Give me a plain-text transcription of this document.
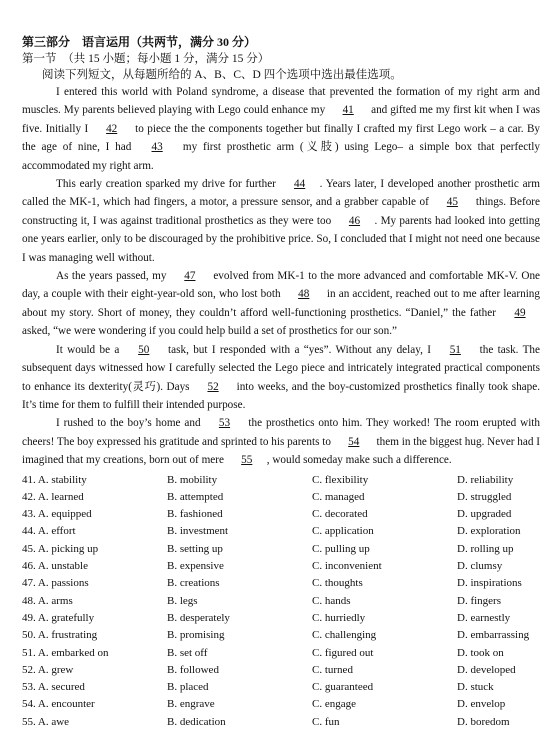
第三部分　语言运用（共两节，满分 30 分）
第一节　（共 15 小题；每小题 1 分，满分 15 分）
阅读下列短文，从每题所给的 A、B、C、D 四个选项中选出最佳选项。

I entered this world with Poland syndrome, a disease that prevented the formation of my right arm and muscles. My parents believed playing with Lego could enhance my 41 and gifted me my first kit when I was five. Initially I 42 to piece the the components together but finally I crafted my first Lego work – a car. By the age of nine, I had 43 my first prosthetic arm (义肢) using Lego– a simple box that perfectly accommodated my right arm.

This early creation sparked my drive for further 44 . Years later, I developed another prosthetic arm called the MK-1, which had fingers, a motor, a pressure sensor, and a grabber capable of 45 things. Before constructing it, I was against traditional prosthetics as they were too 46 . My parents had looked into getting one years earlier, only to be discouraged by the prohibitive price. So, I concluded that I might not need one because I was managing well without.

As the years passed, my 47 evolved from MK-1 to the more advanced and comfortable MK-V. One day, a couple with their eight-year-old son, who lost both 48 in an accident, reached out to me after learning about my story. Short of money, they couldn’t afford well-functioning prosthetics. “Daniel,” the father 49 asked, “we were wondering if you could help build a set of prosthetics for our son.”

It would be a 50 task, but I responded with a “yes”. Without any delay, I 51 the task. The subsequent days witnessed how I carefully selected the Lego piece and intricately integrated practical components to enhance its dexterity(灵巧). Days 52 into weeks, and the boy-customized prosthetics finally took shape. It’s time for them to fulfill their intended purpose.

I rushed to the boy’s home and 53 the prosthetics onto him. They worked! The room erupted with cheers! The boy expressed his gratitude and sprinted to his parents to 54 them in the biggest hug. Never had I imagined that my creations, born out of mere 55 , would someday make such a difference.

41. A. stability	B. mobility	C. flexibility	D. reliability
42. A. learned	B. attempted	C. managed	D. struggled
43. A. equipped	B. fashioned	C. decorated	D. upgraded
44. A. effort	B. investment	C. application	D. exploration
45. A. picking up	B. setting up	C. pulling up	D. rolling up
46. A. unstable	B. expensive	C. inconvenient	D. clumsy
47. A. passions	B. creations	C. thoughts	D. inspirations
48. A. arms	B. legs	C. hands	D. fingers
49. A. gratefully	B. desperately	C. hurriedly	D. earnestly
50. A. frustrating	B. promising	C. challenging	D. embarrassing
51. A. embarked on	B. set off	C. figured out	D. took on
52. A. grew	B. followed	C. turned	D. developed
53. A. secured	B. placed	C. guaranteed	D. stuck
54. A. encounter	B. engrave	C. engage	D. envelop
55. A. awe	B. dedication	C. fun	D. boredom
